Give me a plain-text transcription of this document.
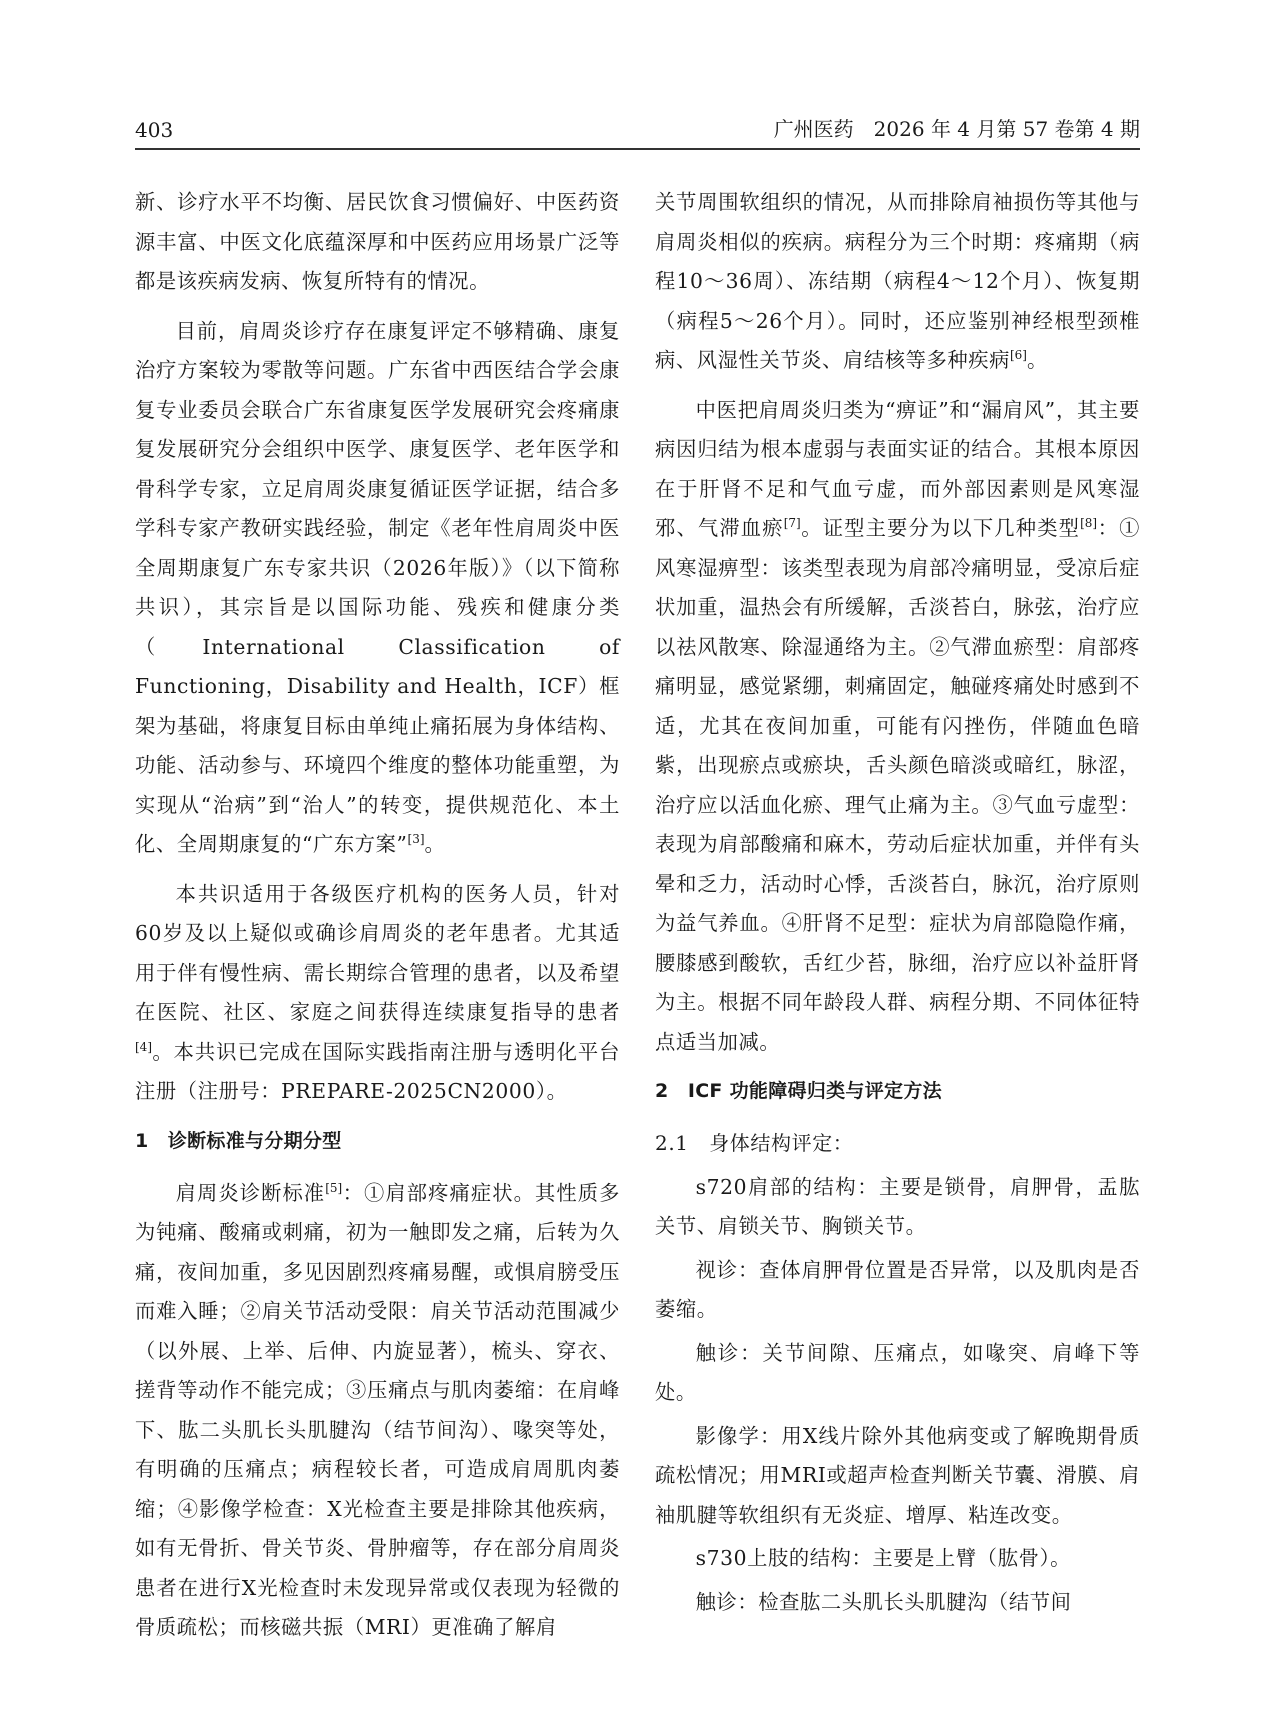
403	广州医药　2026 年 4 月第 57 卷第 4 期

新、诊疗水平不均衡、居民饮食习惯偏好、中医药资源丰富、中医文化底蕴深厚和中医药应用场景广泛等都是该疾病发病、恢复所特有的情况。

目前，肩周炎诊疗存在康复评定不够精确、康复治疗方案较为零散等问题。广东省中西医结合学会康复专业委员会联合广东省康复医学发展研究会疼痛康复发展研究分会组织中医学、康复医学、老年医学和骨科学专家，立足肩周炎康复循证医学证据，结合多学科专家产教研实践经验，制定《老年性肩周炎中医全周期康复广东专家共识（2026年版）》（以下简称共识），其宗旨是以国际功能、残疾和健康分类（International Classification of Functioning，Disability and Health，ICF）框架为基础，将康复目标由单纯止痛拓展为身体结构、功能、活动参与、环境四个维度的整体功能重塑，为实现从“治病”到“治人”的转变，提供规范化、本土化、全周期康复的“广东方案”[3]。

本共识适用于各级医疗机构的医务人员，针对60岁及以上疑似或确诊肩周炎的老年患者。尤其适用于伴有慢性病、需长期综合管理的患者，以及希望在医院、社区、家庭之间获得连续康复指导的患者[4]。本共识已完成在国际实践指南注册与透明化平台注册（注册号：PREPARE-2025CN2000）。

1　诊断标准与分期分型

肩周炎诊断标准[5]：①肩部疼痛症状。其性质多为钝痛、酸痛或刺痛，初为一触即发之痛，后转为久痛，夜间加重，多见因剧烈疼痛易醒，或惧肩膀受压而难入睡；②肩关节活动受限：肩关节活动范围减少（以外展、上举、后伸、内旋显著），梳头、穿衣、搓背等动作不能完成；③压痛点与肌肉萎缩：在肩峰下、肱二头肌长头肌腱沟（结节间沟）、喙突等处，有明确的压痛点；病程较长者，可造成肩周肌肉萎缩；④影像学检查：X光检查主要是排除其他疾病，如有无骨折、骨关节炎、骨肿瘤等，存在部分肩周炎患者在进行X光检查时未发现异常或仅表现为轻微的骨质疏松；而核磁共振（MRI）更准确了解肩

关节周围软组织的情况，从而排除肩袖损伤等其他与肩周炎相似的疾病。病程分为三个时期：疼痛期（病程10～36周）、冻结期（病程4～12个月）、恢复期（病程5～26个月）。同时，还应鉴别神经根型颈椎病、风湿性关节炎、肩结核等多种疾病[6]。

中医把肩周炎归类为“痹证”和“漏肩风”，其主要病因归结为根本虚弱与表面实证的结合。其根本原因在于肝肾不足和气血亏虚，而外部因素则是风寒湿邪、气滞血瘀[7]。证型主要分为以下几种类型[8]：①风寒湿痹型：该类型表现为肩部冷痛明显，受凉后症状加重，温热会有所缓解，舌淡苔白，脉弦，治疗应以祛风散寒、除湿通络为主。②气滞血瘀型：肩部疼痛明显，感觉紧绷，刺痛固定，触碰疼痛处时感到不适，尤其在夜间加重，可能有闪挫伤，伴随血色暗紫，出现瘀点或瘀块，舌头颜色暗淡或暗红，脉涩，治疗应以活血化瘀、理气止痛为主。③气血亏虚型：表现为肩部酸痛和麻木，劳动后症状加重，并伴有头晕和乏力，活动时心悸，舌淡苔白，脉沉，治疗原则为益气养血。④肝肾不足型：症状为肩部隐隐作痛，腰膝感到酸软，舌红少苔，脉细，治疗应以补益肝肾为主。根据不同年龄段人群、病程分期、不同体征特点适当加减。

2　ICF 功能障碍归类与评定方法
2.1　身体结构评定：

s720肩部的结构：主要是锁骨，肩胛骨，盂肱关节、肩锁关节、胸锁关节。

视诊：查体肩胛骨位置是否异常，以及肌肉是否萎缩。

触诊：关节间隙、压痛点，如喙突、肩峰下等处。

影像学：用X线片除外其他病变或了解晚期骨质疏松情况；用MRI或超声检查判断关节囊、滑膜、肩袖肌腱等软组织有无炎症、增厚、粘连改变。

s730上肢的结构：主要是上臂（肱骨）。

触诊：检查肱二头肌长头肌腱沟（结节间
